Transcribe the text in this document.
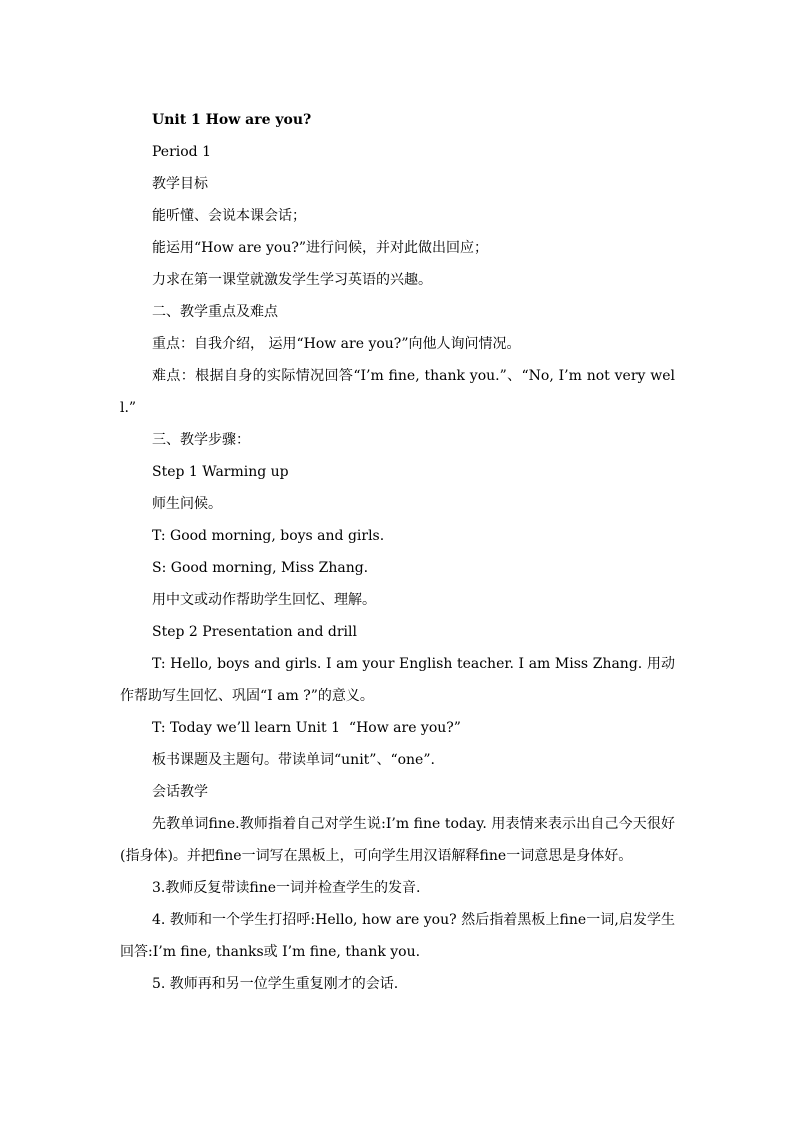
Unit 1 How are you?
Period 1
教学目标
能听懂、会说本课会话；
能运用“How are you?”进行问候，并对此做出回应；
力求在第一课堂就激发学生学习英语的兴趣。
二、教学重点及难点
重点：自我介绍， 运用“How are you?”向他人询问情况。
难点：根据自身的实际情况回答“I’m fine, thank you.”、“No, I’m not very well.”
三、教学步骤：
Step 1 Warming up
师生问候。
T: Good morning, boys and girls.
S: Good morning, Miss Zhang.
用中文或动作帮助学生回忆、理解。
Step 2 Presentation and drill
T: Hello, boys and girls. I am your English teacher. I am Miss Zhang. 用动作帮助写生回忆、巩固“I am ?”的意义。
T: Today we’ll learn Unit 1  “How are you?”
板书课题及主题句。带读单词“unit”、“one”.
会话教学
先教单词fine.教师指着自己对学生说:I’m fine today. 用表情来表示出自己今天很好(指身体)。并把fine一词写在黑板上，可向学生用汉语解释fine一词意思是身体好。
3.教师反复带读fine一词并检查学生的发音.
4. 教师和一个学生打招呼:Hello, how are you? 然后指着黑板上fine一词,启发学生回答:I’m fine, thanks或 I’m fine, thank you.
5. 教师再和另一位学生重复刚才的会话.
